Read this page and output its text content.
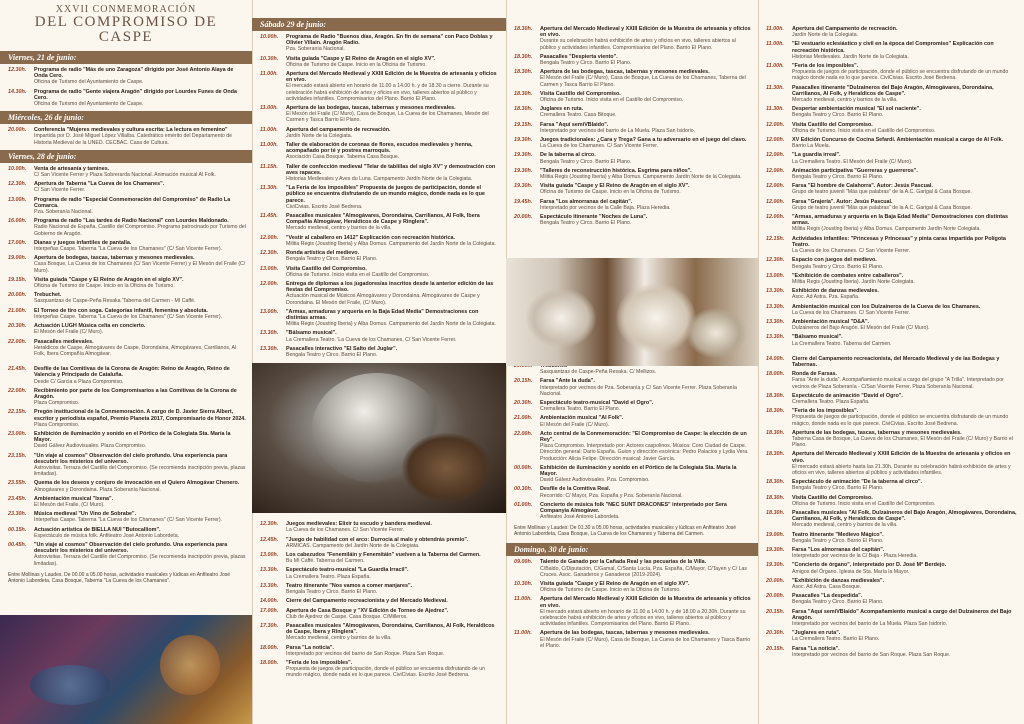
XXVII CONMEMORACIÓN
DEL COMPROMISO DE CASPE
Viernes, 21 de junio:
12.30h.	Programa de radio "Más de uno Zaragoza" dirigido por José Antonio Alaya de Onda Cero.
Oficina de Turismo del Ayuntamiento de Caspe.
14.30h.	Programa de radio "Gente viajera Aragón" dirigido por Lourdes Funes de Onda Cero.
Oficina de Turismo del Ayuntamiento de Caspe.
Miércoles, 26 de junio:
20.00h.	Conferencia "Mujeres medievales y cultura escrita: La lectura en femenino"
Impartida por D. José Miguel López Villalba. Catedrático emérito del Departamento de Historia Medieval de la UNED. CECBAC. Casa de Cultura.
Viernes, 28 de junio:
10.00h.	Venta de artesanía y tamines.
C/ San Vicente Ferrer y Plaza Sobrerarda Nacional. Animación musical Al Folk.
12.30h.	Apertura de Taberna "La Cueva de los Chamanes".
C/ San Vicente Ferrer.
13.00h.	Programa de radio "Especial Conmemoración del Compromiso" de Radio La Comarca.
Pza. Soberanía Nacional.
16.00h.	Programa de radio "Las tardes de Radio Nacional" con Lourdes Maldonado.
Radio Nacional de España. Castillo del Compromiso. Programa patrocinado por Turismo del Gobierno de Aragón.
17.00h.	Dianas y juegos infantiles de pantalla.
Interpeñas Caspe. Taberna "La Cueva de los Chamanes" (C/ San Vicente Ferrer).
19.00h.	Apertura de bodegas, tascas, tabernas y mesones medievales.
Casa Bosque, La Cueva de los Chamanes (C/ San Vicente Ferrer) y El Mesón del Fraile (C/ Muro).
19.15h.	Visita guiada "Caspe y El Reino de Aragón en el siglo XV".
Oficina de Turismo de Caspe. Inicio en la Oficina de Turismo.
20.00h.	Trebuchet.
Sasquantzas de Caspe-Peña Resaka 'Taberna del Carmen - MI Caffé.
21.00h.	El Torneo de tiro con soga. Categorías infantil, femenina y absoluta.
Interpeñas Caspe. Taberna "La Cueva de los Chamanes" (C/ San Vicente Ferrer).
20.30h.	Actuación LUGH Música celta en concierto.
El Mesón del Fraile (C/ Muro).
22.00h.	Pasacalles medievales.
Heraldicos de Caspe, Almogávares de Caspe, Dorondaina, Almogávares, Carrilianos, Al Folk, Ibera Compañía Almogávar.
21.45h.	Desfile de las Comitivas de la Corona de Aragón: Reino de Aragón, Reino de Valencia y Principado de Cataluña.
Desde C/ Garcia a Plaza Compromiso.
22.00h.	Recibimiento por parte de los Compromisarios a las Comitivas de la Corona de Aragón.
Plaza Compromiso.
22.15h.	Pregón institucional de la Conmemoración. A cargo de D. Javier Sierra Albert, escritor y periodista español, Premio Planeta 2017, Compromisario de Honor 2024.
Plaza Compromiso.
23.00h.	Exhibición de iluminación y sonido en el Pórtico de la Colegiata Sta. María la Mayor.
David Gálvez Audiovisuales. Plaza Compromiso.
23.15h.	"Un viaje al cosmos" Observación del cielo profundo. Una experiencia para descubrir los misterios del universo.
Astrovisitas. Terraza del Castillo del Compromiso. (Se recomienda inscripción previa, plazas limitadas).
23.55h.	Quema de los deseos y conjuro de invocación en el Quiero Almogávar Chenero.
Almogávares y Dorondaina. Plaza Soberanía Nacional.
23.45h.	Ambientación musical "Ixena".
El Mesón del Fraile, (C/ Muro).
23.30h.	Música medieval "Un Vino de Sobrabe".
Interpeñas Caspe. Taberna "La Cueva de los Chamanes" (C/ San Vicente Ferrer).
00.15h.	Actuación artística de BIELLA NUI "Butocalliom".
Espectáculo de música folk. Anfiteatro José Antonio Labordeta.
00.45h.	"Un viaje al cosmos" Observación del cielo profundo. Una experiencia para descubrir los misterios del universo.
Astrovisitas. Terraza del Castillo del Compromiso. (Se recomienda inscripción previa, plazas limitadas).
Entre Mollinas y Laudes. De 00.00 a 05.00 horas, actividades musicales y lúdicas en Anfiteatro José Antonio Labordeta, Casa Bosque, Taberna "La Cueva de los Chamanes".
Sábado 29 de junio:
10.00h.	Programa de Radio "Buenos días, Aragón. En fin de semana" con Paco Doblas y Olivier Villain. Aragón Radio.
Pza. Soberanía Nacional.
10.30h.	Visita guiada "Caspe y El Reino de Aragón en el siglo XV".
Oficina de Turismo de Caspe. Inicio en la Oficina de Turismo.
11.00h.	Apertura del Mercado Medieval y XXIII Edición de la Muestra de artesanía y oficios en vivo.
El mercado estará abierto en horario de 11.00 a 14.00 h. y de 18.30 a cierre. Durante su celebración habrá exhibición de artes y oficios en vivo, talleres abiertos al público y actividades infantiles. Compromisarios del Plano. Barrio El Plano.
11.00h.	Apertura de las bodegas, tascas, tabernas y mesones medievales.
El Mesón del Fraile (C/ Muro), Casa de Bosque, La Cueva de los Chamanes, Mesón del Carmen y Tasca Barrio El Plano.
11.00h.	Apertura del campamento de recreación.
Jardín Norte de la Colegiata.
11.00h.	Taller de elaboración de coronas de flores, escudos medievales y henna, acompañado por té y postres marroquís.
Asociación Casa Bosque. Taberna Casa Bosque.
11.15h.	Taller de confección medieval "Telar de tablillas del siglo XV" y demostración con aves rapaces.
Historias Medievales y Aves du Luna. Campamento Jardín Norte de la Colegiata.
11.30h.	"La Feria de los imposibles" Propuesta de juegos de participación, donde el público se encuentra disfrutando de un mundo mágico, donde nada es lo que parece.
CiviCivias. Escrito José Bedrena.
11.45h.	Pasacalles musicales "Almogávares, Dorondaina, Carrilianos, Al Folk, Ibera Compañía Almogávar, Heraldicos de Caspe y Ringlera".
Mercado medieval, centro y barrios de la villa.
12.00h.	"Vestir al caballero en 1412" Explicación con recreación histórica.
Militia Regis (Jousting Iberia) y Alba Domus. Campamento del Jardín Norte de la Colegiata.
12.30h.	Ronda artística del medievo.
Bengala Teatro y Circo. Barrio El Plano.
13.00h.	Visita Castillo del Compromiso.
Oficina de Turismo. Inicio visita en el Castillo del Compromiso.
12.00h.	Entrega de diplomas a los jugadores/as inscritos desde la anterior edición de las fiestas del Compromiso.
Actuación musical de Músicos Almogávares y Dorondaina. Almogávares de Caspe y Dorondaina. El Mesón del Fraile, (C/ Muro).
13.00h.	"Armas, armaduras y arquería en la Baja Edad Media" Demostraciones con distintas armas.
Militia Regis (Jousting Iberia) y Alba Domus. Campamento del Jardín Norte de la Colegiata.
13.30h.	"Bálsamo musical".
La Cremallera Teatro. 'La Cueva de los Chamanes, C/ San Vicente Ferrer.
13.30h.	Pasacalles interactivo "El Salto del Juglar".
Bengala Teatro y Circo. Barrio El Plano.
12.30h.	Juegos medievales: Elixir tu escudo y bandera medieval.
La Cueva de los Chamanes. C/ San Vicente Ferrer.
12.45h.	"Juego de habilidad con el arco: Durrocia al malo y obtendrás premio".
ARMICAS. Campamento del Jardín Norte de la Colegiata.
13.00h.	Los cabezudos "Fenemiláin y Fenemitáin" vuelven a la Taberna del Carmen.
Bu MI Caffé. Taberna del Carmen.
13.30h.	Espectáculo teatro-musical "La Guardia Irracil".
La Cremallera Teatro. Plaza España.
13.30h.	Teatro itinerante "Nos vamos a comer manjares".
Bengala Teatro y Circo. Barrio El Plano.
14.00h.	Cierre del Campamento recreacionista y del Mercado Medieval.
17.00h.	Apertura de Casa Bosque y "XV Edición de Torneo de Ajedrez".
Club de Ajedrez de Caspe. Casa Bosque. C/Milleros.
17.30h.	Pasacalles musicales "Almogávares, Dorondaina, Carrilianos, Al Folk, Heraldicos de Caspe, Ibera y Ringlera".
Mercado medieval, centro y barrios de la villa.
18.00h.	Parsa "La noticia".
Interpretado por vecinos del barrio de San Roque. Plaza San Roque.
18.00h.	"Feria de los imposibles".
Propuesta de juegos de participación, donde el público se encuentra disfrutando de un mundo mágico, donde nada es lo que parece. CiviCivias. Escrito José Bedrena.
18.30h.	Apertura del Mercado Medieval y XXIII Edición de la Muestra de artesanía y oficios en vivo.
Durante su celebración habrá exhibición de artes y oficios en vivo, talleres abiertos al público y actividades infantiles. Compromisarios del Plano. Barrio El Plano.
18.30h.	Pasacalles "Despierta viento".
Bengala Teatro y Circo. Barrio El Plano.
18.30h.	Apertura de las bodegas, tascas, tabernas y mesones medievales.
El Mesón del Fraile (C/ Muro), Casa de Bosque, La Cueva de los Chamanes, Taberna del Carmen y Tasca Barrio El Plano.
18.30h.	Visita Castillo del Compromiso.
Oficina de Turismo. Inicio visita en el Castillo del Compromiso.
18.30h.	Juglares en ruta.
Cremallera Teatro. Casa Bitoque.
19.15h.	Farsa "Aquí semiVBlaido".
Interpretado por vecinos del barrio de La Muela. Plaza San Isidorio.
19.30h.	Juegos tradicionales: ¿Cara y Trega? Gana a tu adversario en el juego del clavo.
La Cueva de los Chamanes. C/ San Vicente Ferrer.
19.30h.	De la taberna al circo.
Bengala Teatro y Circo. Barrio El Plano.
19.30h.	"Talleres de reconstrucción histórica. Esgrima para niños".
Militia Regis (Jousting Iberia) y Alba Domus. Campamento Jardín Norte de la Colegiata.
19.30h.	Visita guiada "Caspe y El Reino de Aragón en el siglo XV".
Oficina de Turismo de Caspe. Inicio en la Oficina de Turismo.
19.45h.	Farsa "Los almorranas del capitán".
Interpretado por vecinos de la Calle Baja. Plaza Heredia.
20.00h.	Espectáculo itinerante "Noches de Luna".
Bengala Teatro y Circo. Barrio El Plano.
Sasquantzas de Caspe-Peña Resaka. C/ Mellizos.
20.15h.	Farsa "Ante la duda".
Interpretado por vecinos de Pza. Soberanía y C/ San Vicente Ferrer. Plaza Soberanía Nacional.
20.30h.	Espectáculo teatro-musical "David el Ogro".
Cremallera Teatro. Barrio El Plano.
21.00h.	Ambientación musical "Al Folk".
El Mesón del Fraile (C/ Muro).
22.00h.	Acto central de la Conmemoración: "El Compromiso de Caspe: la elección de un Rey".
Plaza Compromiso. Interpretado por: Actores caspolinos. Música: Coro Ciudad de Caspe. Dirección general: Dario España. Guion y dirección escénica: Pedro Palacios y Lydia Vera. Producción: Alicia Felipe. Dirección musical: Javier García.
00.00h.	Exhibición de iluminación y sonido en el Pórtico de la Colegiata Sta. María la Mayor.
David Gálvez Audiovisuales. Pza. Compromiso.
00.30h.	Desfile de la Comitiva Real.
Recorrido: C/ Mayor, Pza. España y Pza. Soberanía Nacional.
01.00h.	Concierto de música folk "NEC SUNT DRACONES" interpretado por Sera Companyia Almogàver.
Anfiteatro José Antonio Labordeta.
Entre Mollinas y Laudes: De 01.30 a 05.00 horas, actividades musicales y lúdicas en Anfiteatro José Antonio Labordeta, Casa Bosque, La Cueva de los Chamanes y Taberna del Carmen.
Domingo, 30 de junio:
09.00h.	Talento de Ganado por la Cañada Real y las pecuarias de la Villa.
C/Baldo, C/Diputación, C/Gamal, C/Santa Lucía, Pza. España, C/Mayor, C/Tayen y C/ Las Cruces. Asoc. Ganaderos y Ganaderos (2019-2024).
10.30h.	Visita guiada "Caspe y El Reino de Aragón en el siglo XV".
Oficina de Turismo de Caspe. Inicio en la Oficina de Turismo.
11.00h.	Apertura del Mercado Medieval y XXIII Edición de la Muestra de artesanía y oficios en vivo.
El mercado estará abierto en horario de 11.00 a 14.00 h. y de 18.00 a 20.30h. Durante su celebración habrá exhibición de artes y oficios en vivo, talleres abiertos al público y actividades infantiles. Compromisarios del Plano. Barrio El Plano.
11.00h.	Apertura de las bodegas, tascas, tabernas y mesones medievales.
El Mesón del Fraile (C/ Muro), Casa de Bosque, La Cueva de los Chamanes y Tasca Barrio el Plano.
11.00h.	Apertura del Campamento de recreación.
Jardín Norte de la Colegiata.
11.00h.	"El vestuario eclesiástico y civil en la época del Compromiso" Explicación con recreación histórica.
Historias Medievales. Jardín Norte de la Colegiata.
11.00h.	"Feria de los imposibles".
Propuesta de juegos de participación, donde el público se encuentra disfrutando de un mundo mágico donde nada es lo que parece. CiviCivias. Escrito José Bedrena.
11.30h.	Pasacalles itinerante "Dulzaineros del Bajo Aragón, Almogávares, Dorondaina, Carrilianos, Al Folk, y Heraldicos de Caspe".
Mercado medieval, centro y barrios de la villa.
11.30h.	Despertar ambientación musical "El sol naciente".
Bengala Teatro y Circo. Barrio El Plano.
12.00h.	Visita Castillo del Compromiso.
Oficina de Turismo. Inicio visita en el Castillo del Compromiso.
12.00h.	XV Edición Concurso de Cocina Sefardí. Ambientación musical a cargo de Al Folk.
Barrio La Muela.
12.00h.	"La guardia irreal".
La Cremallera Teatro. El Mesón del Fraile (C/ Muro).
12.00h.	Animación participativa "Guerreras y guerreros".
Bengala Teatro y Circo. Barrio El Plano.
12.00h.	Farsa "El hombre de Calahorra". Autor: Jesús Pascual.
Grupo de teatro juvenil "Más que palabras" de la A.C. Garigal & Casa Bosque.
12.00h.	Farsa "Grajería". Autor: Jesús Pascual.
Grupo de teatro juvenil "Más que palabras" de la A.C. Garigal & Casa Bosque.
12.00h.	"Armas, armaduras y arquería en la Baja Edad Media" Demostraciones con distintas armas.
Militia Regis (Jousting Iberia) y Alba Domus. Campamento Jardín Norte Colegiata.
12.15h.	Actividades infantiles: "Princesas y Princesas" y pinta caras impartida por Polígota Teatro.
La Cueva de los Chamanes. C/ San Vicente Ferrer.
12.30h.	Espacio con juegos del medievo.
Bengala Teatro y Circo. Barrio El Plano.
13.00h.	"Exhibición de combates entre caballeros".
Militia Regis (Jousting Iberia). Jardín Norte Colegiata.
13.30h.	Exhibición de danzas medievales.
Asoc. Ad Astra. Pza. España.
13.30h.	Ambientación musical con los Dulzaineros de la Cueva de los Chamanes.
La Cueva de los Chamanes. C/ San Vicente Ferrer.
13.30h.	Ambientación musical "D&A".
Dulzaineros del Bajo Aragón. El Mesón del Fraile (C/ Muro).
13.30h.	"Bálsamo musical".
La Cremallera Teatro. Taberna del Carmen.
14.00h.	Cierre del Campamento recreacionista, del Mercado Medieval y de las Bodegas y Tabernas.
18.00h.	Ronda de Farsas.
Farsa "Ante la duda". Acompañamiento musical a cargo del grupo "A Trilla". Interpretado por vecinos de Plaza Soberanía - C/San Vicente Ferrer. Plaza Soberanía Nacional.
18.30h.	Espectáculo de animación "David el Ogro".
Cremallera Teatro. Plaza España.
18.30h.	"Feria de los imposibles".
Propuesta de juegos de participación, donde el público se encuentra disfrutando de un mundo mágico, donde nada es lo que parece. CiviCivias. Escrito José Bedrena.
18.30h.	Apertura de las bodegas, tascas, tabernas y mesones medievales.
Taberna Casa de Bosque, La Cueva de los Chamanes, El Mesón del Fraile (C/ Muro) y Barrio el Plano.
18.30h.	Apertura del Mercado Medieval y XXIII Edición de la Muestra de artesanía y oficios en vivo.
El mercado estará abierto hasta las 21.30h. Durante su celebración habrá exhibición de artes y oficios en vivo, talleres abiertos al público y actividades infantiles.
18.30h.	Espectáculo de animación "De la taberna al circo".
Bengala Teatro y Circo. Barrio El Plano.
18.30h.	Visita Castillo del Compromiso.
Oficina de Turismo. Inicio visita en el Castillo del Compromiso.
18.30h.	Pasacalles musicales "Al Folk, Dulzaineros del Bajo Aragón, Almogávares, Dorondaina, Carrilianos, Al Folk, y Heraldicos de Caspe".
Mercado medieval, centro y barrios de la villa.
19.00h.	Teatro itinerante "Medievo Mágico".
Bengala Teatro y Circo. Barrio El Plano.
19.30h.	Farsa "Los almorranas del capitán".
Interpretado por vecinos de la C/ Baja - Plaza Heredia.
19.30h.	"Concierto de órgano", interpretado por D. José Mª Berdejo.
Amigos del Órgano. Iglesia de Sta. María la Mayor.
20.00h.	"Exhibición de danzas medievales".
Asoc. Ad Astra. Casa Bosque.
20.00h.	Pasacalles "La despedida".
Bengala Teatro y Circo. Barrio El Plano.
20.15h.	Farsa "Aquí semiVBlaido" Acompañamiento musical a cargo del Dulzaineros del Bajo Aragón.
Interpretado por vecinos del barrio de La Muela. Plaza San Isidorio.
20.30h.	"Juglares en ruta".
La Cremallera Teatro. Barrio El Plano.
20.15h.	Farsa "La noticia".
Interpretado por vecinos del barrio de San Roque. Plaza San Roque.
